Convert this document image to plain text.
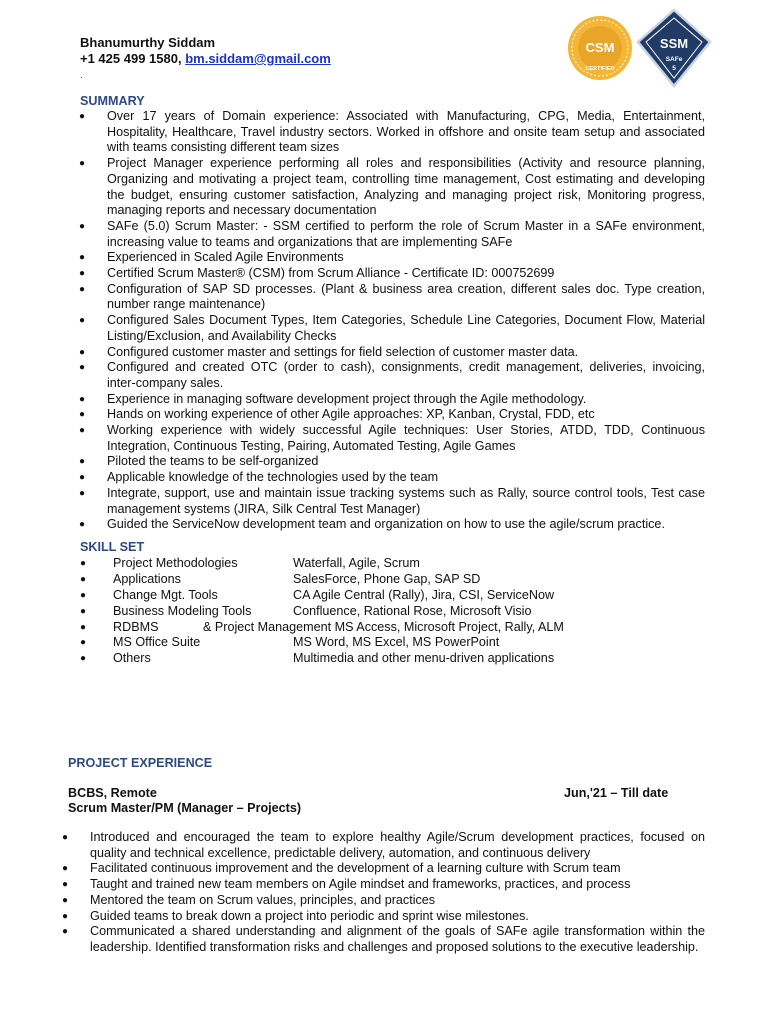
Bhanumurthy Siddam
+1 425 499 1580, bm.siddam@gmail.com
.
CSM
CERTIFIED
SSM
SAFe
5
SUMMARY
● Over 17 years of Domain experience: Associated with Manufacturing, CPG, Media, Entertainment, Hospitality, Healthcare, Travel industry sectors. Worked in offshore and onsite team setup and associated with teams consisting different team sizes
● Project Manager experience performing all roles and responsibilities (Activity and resource planning, Organizing and motivating a project team, controlling time management, Cost estimating and developing the budget, ensuring customer satisfaction, Analyzing and managing project risk, Monitoring progress, managing reports and necessary documentation
● SAFe (5.0) Scrum Master: - SSM certified to perform the role of Scrum Master in a SAFe environment, increasing value to teams and organizations that are implementing SAFe
● Experienced in Scaled Agile Environments
● Certified Scrum Master® (CSM) from Scrum Alliance - Certificate ID: 000752699
● Configuration of SAP SD processes. (Plant & business area creation, different sales doc. Type creation, number range maintenance)
● Configured Sales Document Types, Item Categories, Schedule Line Categories, Document Flow, Material Listing/Exclusion, and Availability Checks
● Configured customer master and settings for field selection of customer master data.
● Configured and created OTC (order to cash), consignments, credit management, deliveries, invoicing, inter-company sales.
● Experience in managing software development project through the Agile methodology.
● Hands on working experience of other Agile approaches: XP, Kanban, Crystal, FDD, etc
● Working experience with widely successful Agile techniques: User Stories, ATDD, TDD, Continuous Integration, Continuous Testing, Pairing, Automated Testing, Agile Games
● Piloted the teams to be self-organized
● Applicable knowledge of the technologies used by the team
● Integrate, support, use and maintain issue tracking systems such as Rally, source control tools, Test case management systems (JIRA, Silk Central Test Manager)
● Guided the ServiceNow development team and organization on how to use the agile/scrum practice.
SKILL SET
● Project Methodologies	Waterfall, Agile, Scrum
● Applications	SalesForce, Phone Gap, SAP SD
● Change Mgt. Tools	CA Agile Central (Rally), Jira, CSI, ServiceNow
● Business Modeling Tools	Confluence, Rational Rose, Microsoft Visio
● RDBMS	& Project Management MS Access, Microsoft Project, Rally, ALM
● MS Office Suite	MS Word, MS Excel, MS PowerPoint
● Others	Multimedia and other menu-driven applications
PROJECT EXPERIENCE
BCBS, Remote	Jun,'21 – Till date
Scrum Master/PM (Manager – Projects)
● Introduced and encouraged the team to explore healthy Agile/Scrum development practices, focused on quality and technical excellence, predictable delivery, automation, and continuous delivery
● Facilitated continuous improvement and the development of a learning culture with Scrum team
● Taught and trained new team members on Agile mindset and frameworks, practices, and process
● Mentored the team on Scrum values, principles, and practices
● Guided teams to break down a project into periodic and sprint wise milestones.
● Communicated a shared understanding and alignment of the goals of SAFe agile transformation within the leadership. Identified transformation risks and challenges and proposed solutions to the executive leadership.
